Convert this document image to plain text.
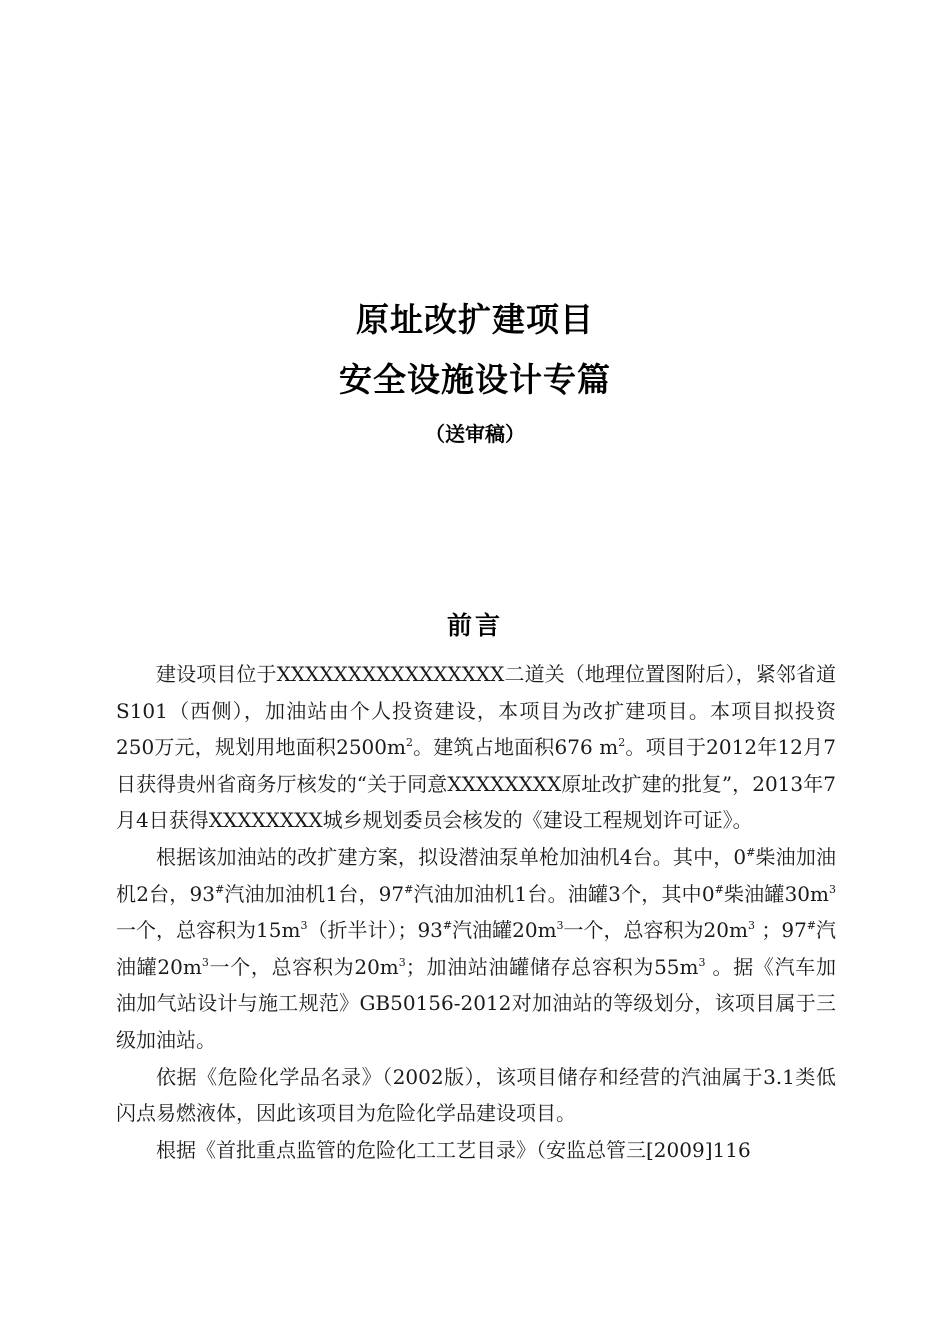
原址改扩建项目
安全设施设计专篇
（送审稿）
前言

建设项目位于XXXXXXXXXXXXXXXX二道关（地理位置图附后），紧邻省道S101（西侧），加油站由个人投资建设，本项目为改扩建项目。本项目拟投资250万元，规划用地面积$2500m^2$。建筑占地面积676 $m^2$。项目于2012年12月7日获得贵州省商务厅核发的“关于同意XXXXXXXX原址改扩建的批复”，2013年7月4日获得XXXXXXXX城乡规划委员会核发的《建设工程规划许可证》。

根据该加油站的改扩建方案，拟设潜油泵单枪加油机4台。其中，0#柴油加油机2台，93#汽油加油机1台，97#汽油加油机1台。油罐3个，其中0#柴油罐$30m^3$一个，总容积为$15m^3$（折半计）；93#汽油罐$20m^3$一个，总容积为$20m^3$ ；97#汽油罐$20m^3$一个，总容积为$20m^3$；加油站油罐储存总容积为$55m^3$ 。据《汽车加油加气站设计与施工规范》GB50156-2012对加油站的等级划分，该项目属于三级加油站。

依据《危险化学品名录》（2002版），该项目储存和经营的汽油属于3.1类低闪点易燃液体，因此该项目为危险化学品建设项目。

根据《首批重点监管的危险化工工艺目录》（安监总管三[2009]116
